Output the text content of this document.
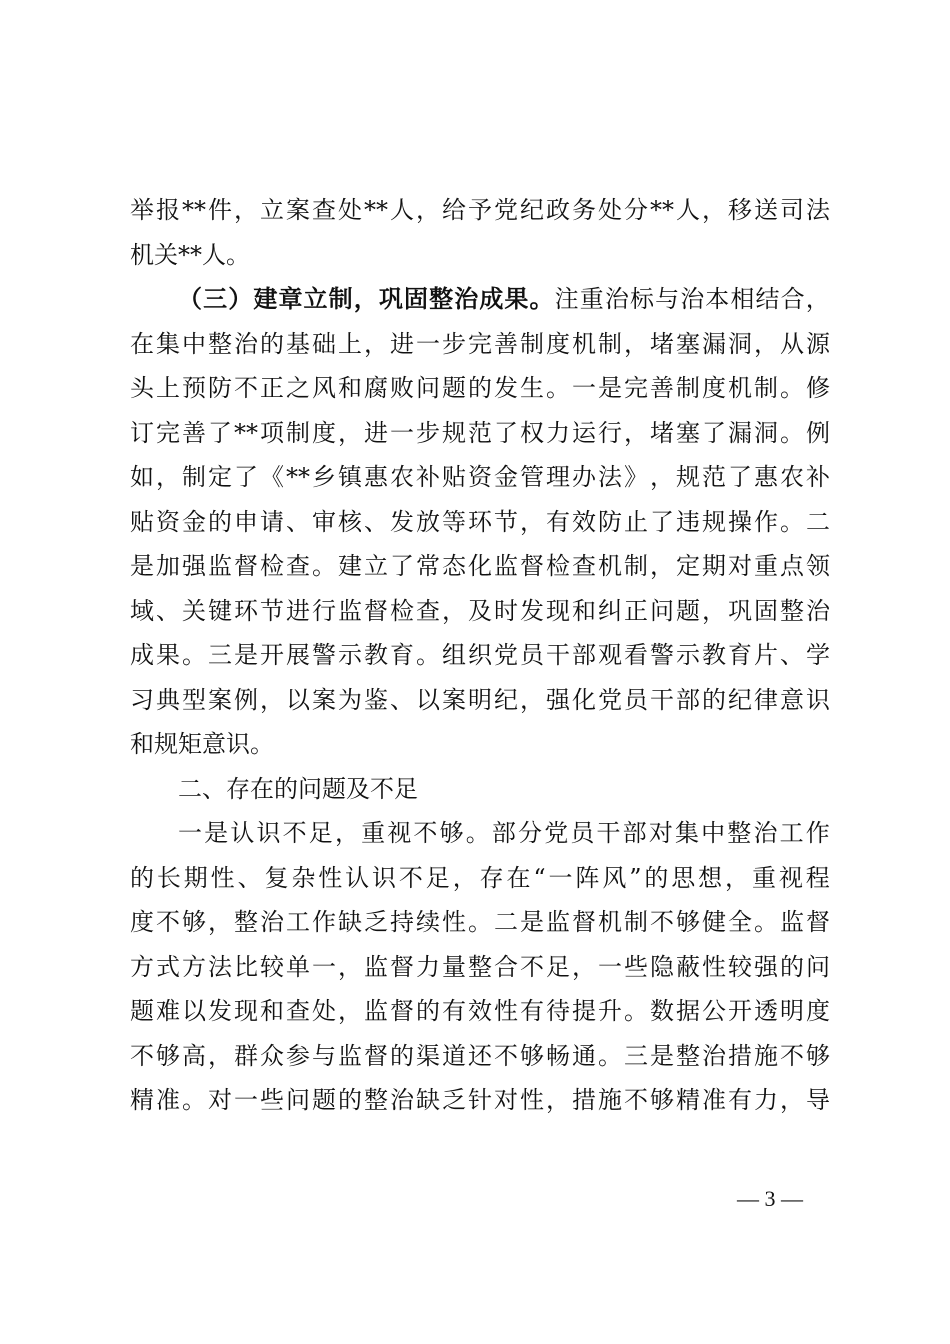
举 报 ** 件 ， 立 案 查 处 ** 人 ， 给 予 党 纪 政 务 处 分 ** 人 ， 移 送 司 法
机 关 ** 人 。
（ 三 ） 建 章 立 制 ， 巩 固 整 治 成 果 。 注 重 治 标 与 治 本 相 结 合 ，
在 集 中 整 治 的 基 础 上 ， 进 一 步 完 善 制 度 机 制 ， 堵 塞 漏 洞 ， 从 源
头 上 预 防 不 正 之 风 和 腐 败 问 题 的 发 生 。 一 是 完 善 制 度 机 制 。 修
订 完 善 了 ** 项 制 度 ， 进 一 步 规 范 了 权 力 运 行 ， 堵 塞 了 漏 洞 。 例
如 ， 制 定 了 《 ** 乡 镇 惠 农 补 贴 资 金 管 理 办 法 》 ， 规 范 了 惠 农 补
贴 资 金 的 申 请 、 审 核 、 发 放 等 环 节 ， 有 效 防 止 了 违 规 操 作 。 二
是 加 强 监 督 检 查 。 建 立 了 常 态 化 监 督 检 查 机 制 ， 定 期 对 重 点 领
域 、 关 键 环 节 进 行 监 督 检 查 ， 及 时 发 现 和 纠 正 问 题 ， 巩 固 整 治
成 果 。 三 是 开 展 警 示 教 育 。 组 织 党 员 干 部 观 看 警 示 教 育 片 、 学
习 典 型 案 例 ， 以 案 为 鉴 、 以 案 明 纪 ， 强 化 党 员 干 部 的 纪 律 意 识
和 规 矩 意 识 。
二、存在的问题及不足
一 是 认 识 不 足 ， 重 视 不 够 。 部 分 党 员 干 部 对 集 中 整 治 工 作
的 长 期 性 、 复 杂 性 认 识 不 足 ， 存 在 “ 一 阵 风 ” 的 思 想 ， 重 视 程
度 不 够 ， 整 治 工 作 缺 乏 持 续 性 。 二 是 监 督 机 制 不 够 健 全 。 监 督
方 式 方 法 比 较 单 一 ， 监 督 力 量 整 合 不 足 ， 一 些 隐 蔽 性 较 强 的 问
题 难 以 发 现 和 查 处 ， 监 督 的 有 效 性 有 待 提 升 。 数 据 公 开 透 明 度
不 够 高 ， 群 众 参 与 监 督 的 渠 道 还 不 够 畅 通 。 三 是 整 治 措 施 不 够
精 准 。 对 一 些 问 题 的 整 治 缺 乏 针 对 性 ， 措 施 不 够 精 准 有 力 ， 导
— 3 —
